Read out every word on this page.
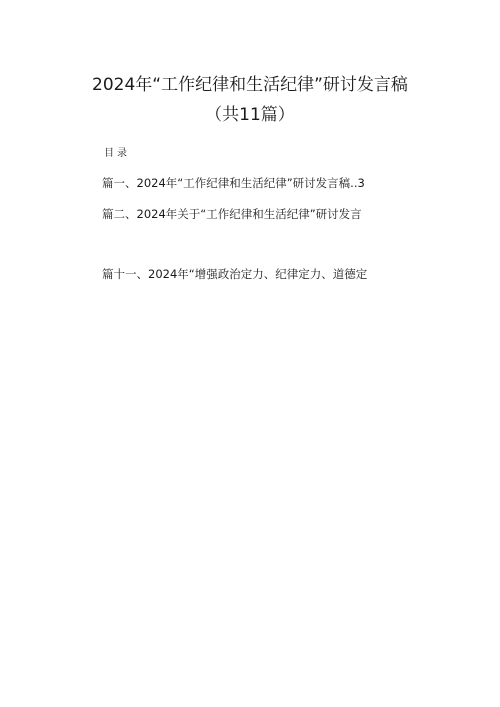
2024年“工作纪律和生活纪律”研讨发言稿
（共11篇）
目录
篇一、2024年“工作纪律和生活纪律”研讨发言稿..3
篇二、2024年关于“工作纪律和生活纪律”研讨发言
篇十一、2024年“增强政治定力、纪律定力、道德定
